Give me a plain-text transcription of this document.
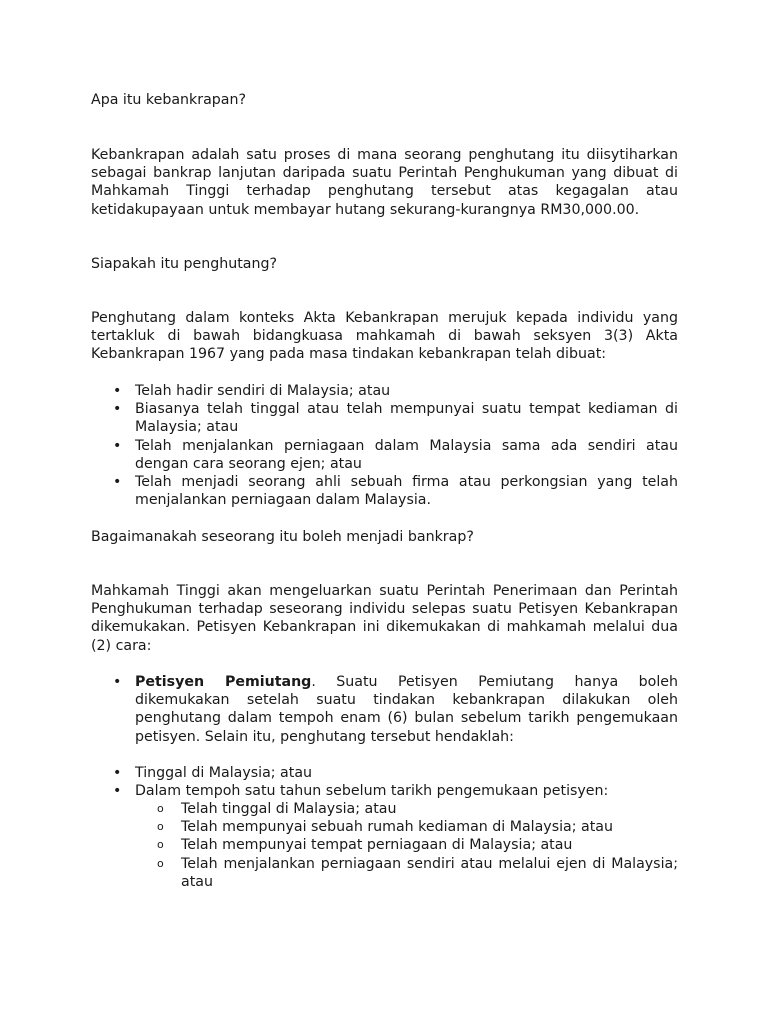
Apa itu kebankrapan?

Kebankrapan adalah satu proses di mana seorang penghutang itu diisytiharkan sebagai bankrap lanjutan daripada suatu Perintah Penghukuman yang dibuat di Mahkamah Tinggi terhadap penghutang tersebut atas kegagalan atau ketidakupayaan untuk membayar hutang sekurang-kurangnya RM30,000.00.

Siapakah itu penghutang?

Penghutang dalam konteks Akta Kebankrapan merujuk kepada individu yang tertakluk di bawah bidangkuasa mahkamah di bawah seksyen 3(3) Akta Kebankrapan 1967 yang pada masa tindakan kebankrapan telah dibuat:

• Telah hadir sendiri di Malaysia; atau
• Biasanya telah tinggal atau telah mempunyai suatu tempat kediaman di Malaysia; atau
• Telah menjalankan perniagaan dalam Malaysia sama ada sendiri atau dengan cara seorang ejen; atau
• Telah menjadi seorang ahli sebuah firma atau perkongsian yang telah menjalankan perniagaan dalam Malaysia.
Bagaimanakah seseorang itu boleh menjadi bankrap?

Mahkamah Tinggi akan mengeluarkan suatu Perintah Penerimaan dan Perintah Penghukuman terhadap seseorang individu selepas suatu Petisyen Kebankrapan dikemukakan. Petisyen Kebankrapan ini dikemukakan di mahkamah melalui dua (2) cara:

• Petisyen Pemiutang. Suatu Petisyen Pemiutang hanya boleh dikemukakan setelah suatu tindakan kebankrapan dilakukan oleh penghutang dalam tempoh enam (6) bulan sebelum tarikh pengemukaan petisyen. Selain itu, penghutang tersebut hendaklah:
• Tinggal di Malaysia; atau
• Dalam tempoh satu tahun sebelum tarikh pengemukaan petisyen:
o Telah tinggal di Malaysia; atau
o Telah mempunyai sebuah rumah kediaman di Malaysia; atau
o Telah mempunyai tempat perniagaan di Malaysia; atau
o Telah menjalankan perniagaan sendiri atau melalui ejen di Malaysia; atau
